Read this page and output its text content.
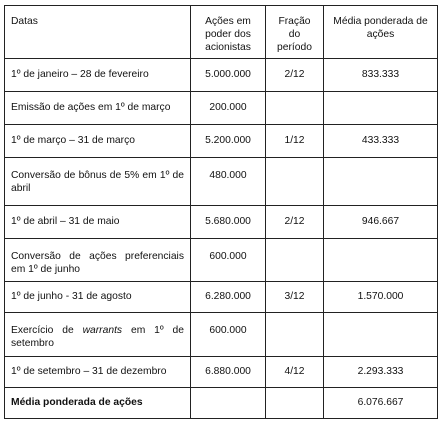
Datas	Ações em poder dos acionistas	Fração do período	Média ponderada de ações
1º de janeiro – 28 de fevereiro	5.000.000	2/12	833.333
Emissão de ações em 1º de março	200.000		
1º de março – 31 de março	5.200.000	1/12	433.333
Conversão de bônus de 5% em 1º de abril	480.000		
1º de abril – 31 de maio	5.680.000	2/12	946.667
Conversão de ações preferenciais em 1º de junho	600.000		
1º de junho - 31 de agosto	6.280.000	3/12	1.570.000
Exercício de warrants em 1º de setembro	600.000		
1º de setembro – 31 de dezembro	6.880.000	4/12	2.293.333
Média ponderada de ações			6.076.667
